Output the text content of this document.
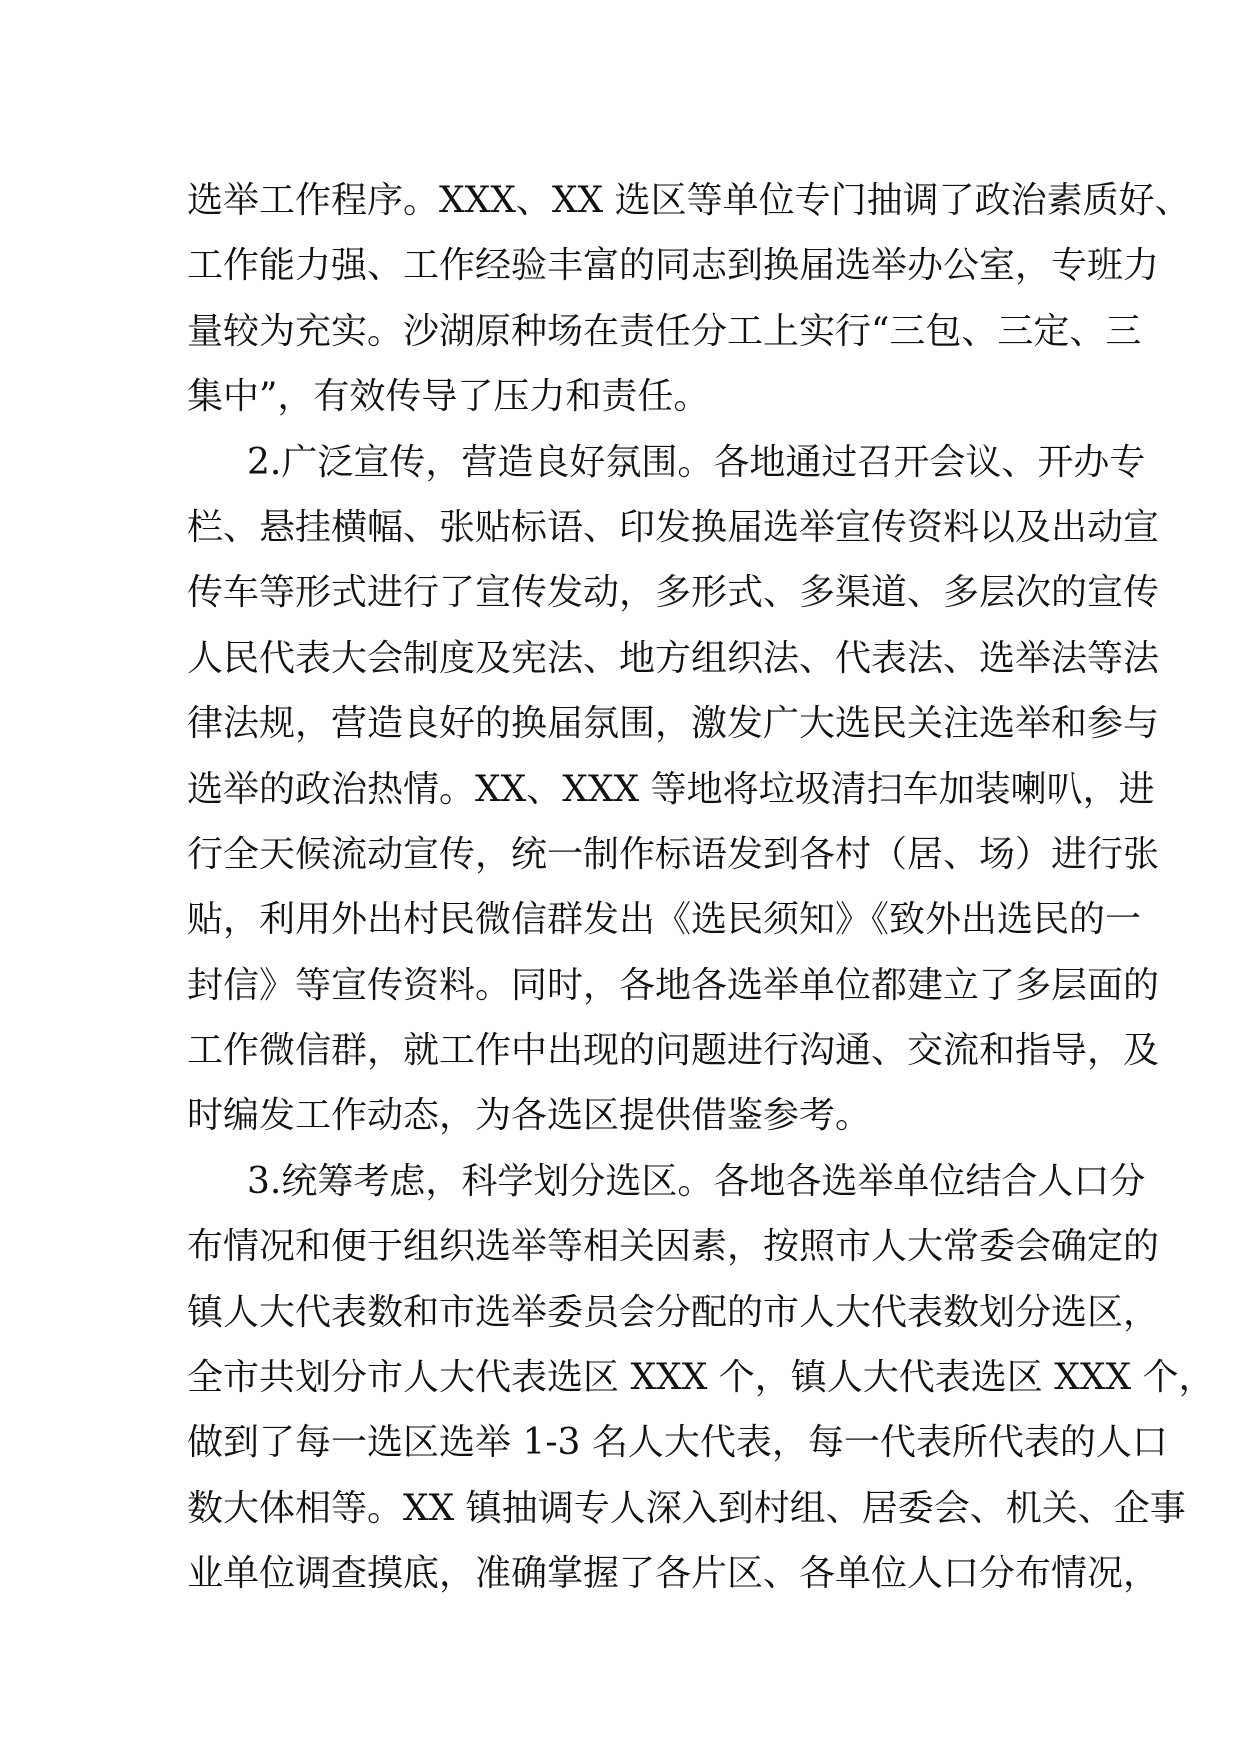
选举工作程序。XXX、XX 选区等单位专门抽调了政治素质好、
工作能力强、工作经验丰富的同志到换届选举办公室，专班力
量较为充实。沙湖原种场在责任分工上实行“三包、三定、三
集中”，有效传导了压力和责任。
2.广泛宣传，营造良好氛围。各地通过召开会议、开办专
栏、悬挂横幅、张贴标语、印发换届选举宣传资料以及出动宣
传车等形式进行了宣传发动，多形式、多渠道、多层次的宣传
人民代表大会制度及宪法、地方组织法、代表法、选举法等法
律法规，营造良好的换届氛围，激发广大选民关注选举和参与
选举的政治热情。XX、XXX 等地将垃圾清扫车加装喇叭，进
行全天候流动宣传，统一制作标语发到各村（居、场）进行张
贴，利用外出村民微信群发出《选民须知》《致外出选民的一
封信》等宣传资料。同时，各地各选举单位都建立了多层面的
工作微信群，就工作中出现的问题进行沟通、交流和指导，及
时编发工作动态，为各选区提供借鉴参考。
3.统筹考虑，科学划分选区。各地各选举单位结合人口分
布情况和便于组织选举等相关因素，按照市人大常委会确定的
镇人大代表数和市选举委员会分配的市人大代表数划分选区，
全市共划分市人大代表选区 XXX 个，镇人大代表选区 XXX 个，
做到了每一选区选举 1-3 名人大代表，每一代表所代表的人口
数大体相等。XX 镇抽调专人深入到村组、居委会、机关、企事
业单位调查摸底，准确掌握了各片区、各单位人口分布情况，
